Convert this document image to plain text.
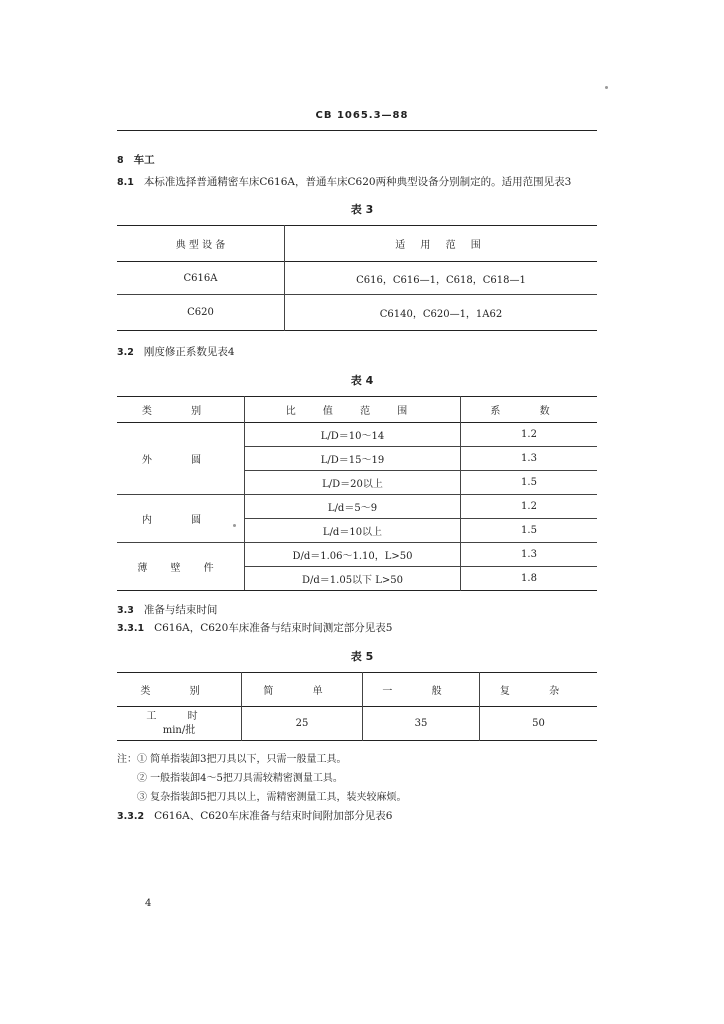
CB 1065.3—88
8 车工
8.1 本标准选择普通精密车床C616A，普通车床C620两种典型设备分别制定的。适用范围见表3
表 3
典 型 设 备	适 用 范 围
C616A	C616，C616—1，C618，C618—1
C620	C6140，C620—1，1A62
3.2 刚度修正系数见表4
表 4
类 别	比 值 范 围	系 数
外 圆	L/D＝10～14	1.2
	L/D＝15～19	1.3
	L/D＝20以上	1.5
内 圆	L/d＝5～9	1.2
	L/d＝10以上	1.5
薄 壁 件	D/d＝1.06～1.10，L>50	1.3
	D/d＝1.05以下 L>50	1.8
3.3 准备与结束时间
3.3.1 C616A，C620车床准备与结束时间测定部分见表5
表 5
类 别	简 单	一 般	复 杂

工 时
min/批	25	35	50
注：① 简单指装卸3把刀具以下，只需一般量工具。
② 一般指装卸4～5把刀具需较精密测量工具。
③ 复杂指装卸5把刀具以上，需精密测量工具，装夹较麻烦。
3.3.2 C616A、C620车床准备与结束时间附加部分见表6
4
